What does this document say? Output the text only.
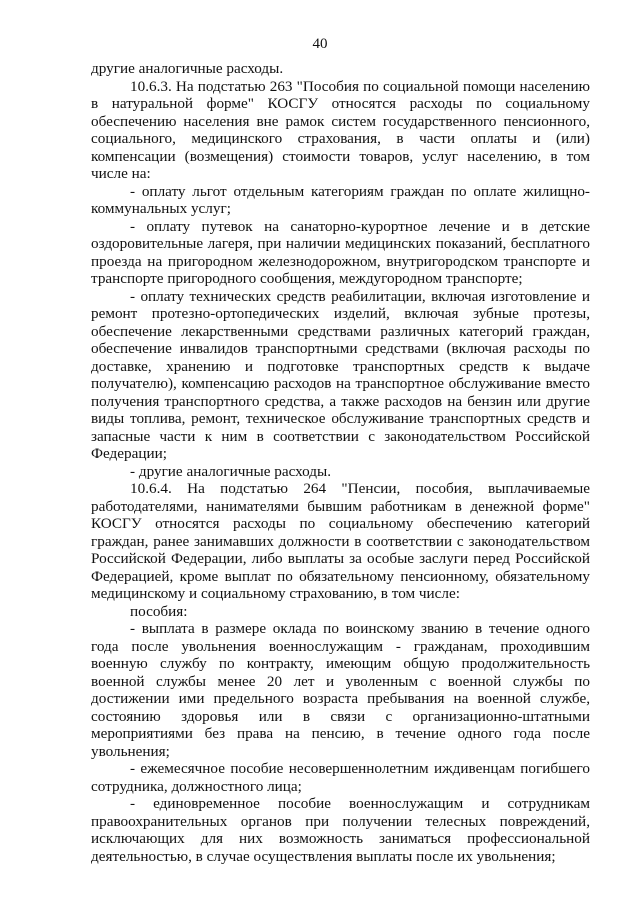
40

другие аналогичные расходы.

10.6.3. На подстатью 263 "Пособия по социальной помощи населению в натуральной форме" КОСГУ относятся расходы по социальному обеспечению населения вне рамок систем государственного пенсионного, социального, медицинского страхования, в части оплаты и (или) компенсации (возмещения) стоимости товаров, услуг населению, в том числе на:

- оплату льгот отдельным категориям граждан по оплате жилищно-коммунальных услуг;

- оплату путевок на санаторно-курортное лечение и в детские оздоровительные лагеря, при наличии медицинских показаний, бесплатного проезда на пригородном железнодорожном, внутригородском транспорте и транспорте пригородного сообщения, междугородном транспорте;

- оплату технических средств реабилитации, включая изготовление и ремонт протезно-ортопедических изделий, включая зубные протезы, обеспечение лекарственными средствами различных категорий граждан, обеспечение инвалидов транспортными средствами (включая расходы по доставке, хранению и подготовке транспортных средств к выдаче получателю), компенсацию расходов на транспортное обслуживание вместо получения транспортного средства, а также расходов на бензин или другие виды топлива, ремонт, техническое обслуживание транспортных средств и запасные части к ним в соответствии с законодательством Российской Федерации;

- другие аналогичные расходы.

10.6.4. На подстатью 264 "Пенсии, пособия, выплачиваемые работодателями, нанимателями бывшим работникам в денежной форме" КОСГУ относятся расходы по социальному обеспечению категорий граждан, ранее занимавших должности в соответствии с законодательством Российской Федерации, либо выплаты за особые заслуги перед Российской Федерацией, кроме выплат по обязательному пенсионному, обязательному медицинскому и социальному страхованию, в том числе:

пособия:

- выплата в размере оклада по воинскому званию в течение одного года после увольнения военнослужащим - гражданам, проходившим военную службу по контракту, имеющим общую продолжительность военной службы менее 20 лет и уволенным с военной службы по достижении ими предельного возраста пребывания на военной службе, состоянию здоровья или в связи с организационно-штатными мероприятиями без права на пенсию, в течение одного года после увольнения;

- ежемесячное пособие несовершеннолетним иждивенцам погибшего сотрудника, должностного лица;

- единовременное пособие военнослужащим и сотрудникам правоохранительных органов при получении телесных повреждений, исключающих для них возможность заниматься профессиональной деятельностью, в случае осуществления выплаты после их увольнения;
